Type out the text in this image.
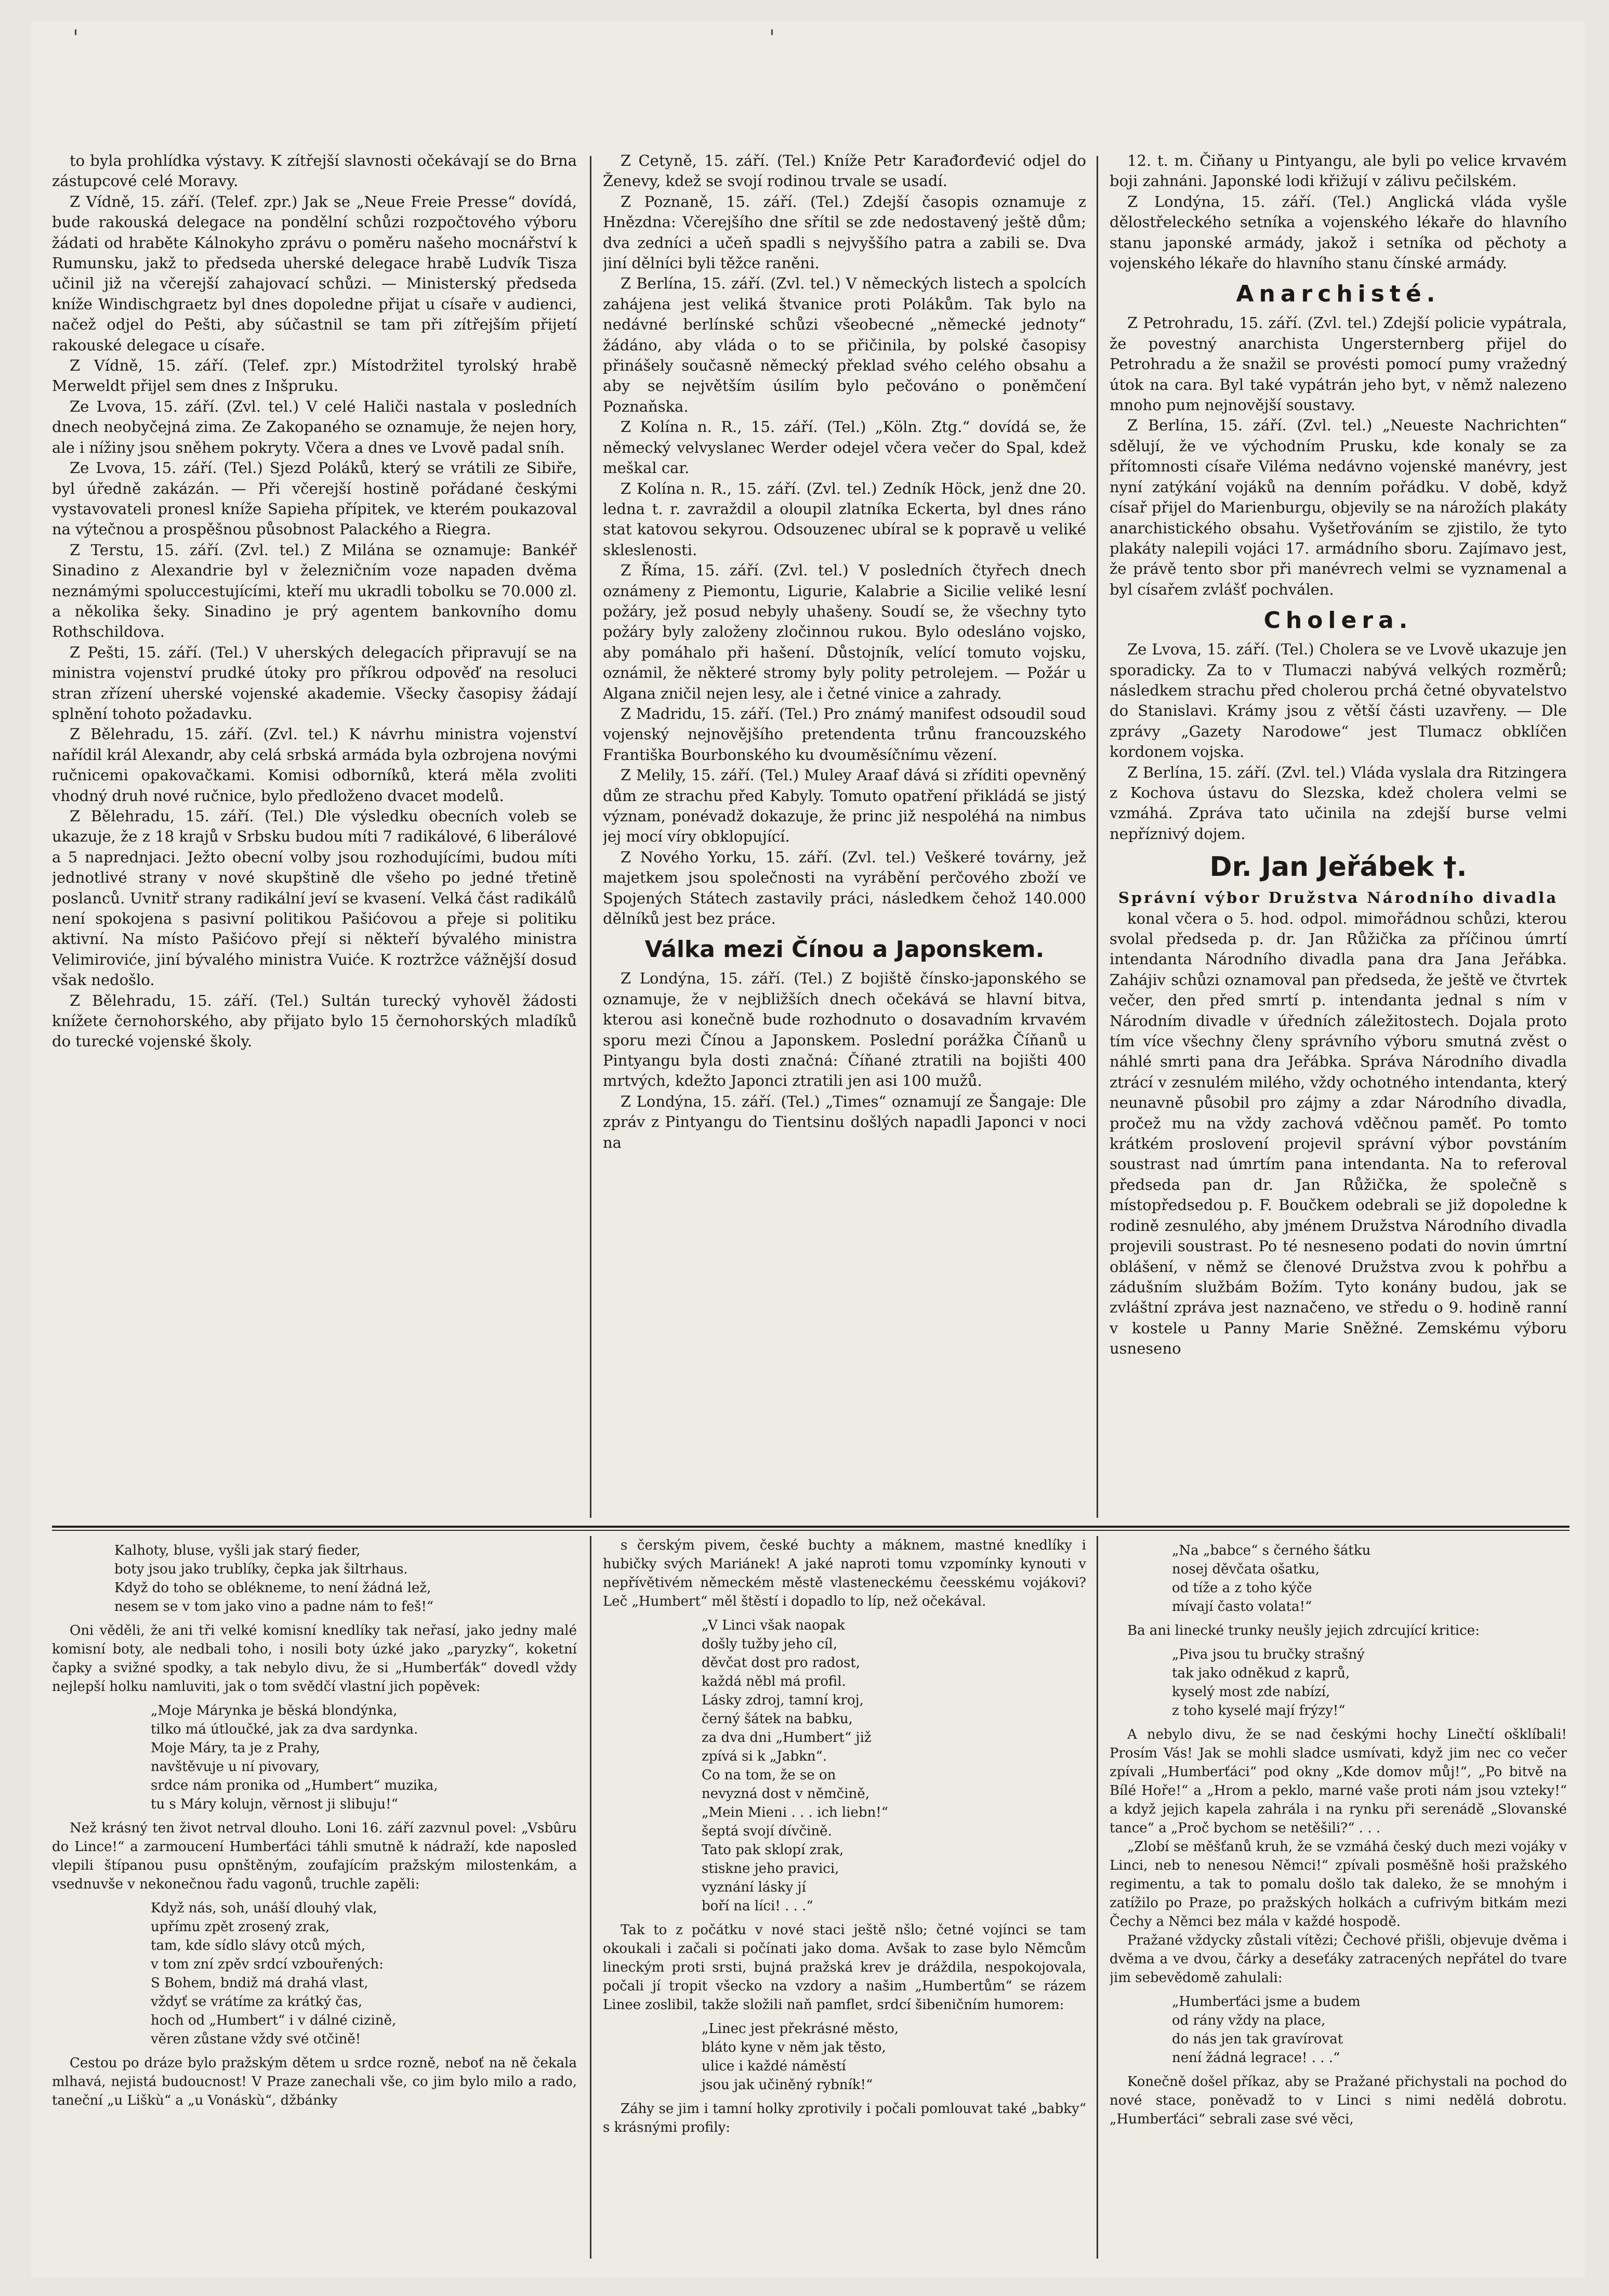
'	'

to byla prohlídka výstavy. K zítřejší slavnosti očekávají se do Brna zástupcové celé Moravy.

Z Vídně, 15. září. (Telef. zpr.) Jak se „Neue Freie Presse“ dovídá, bude rakouská delegace na pondělní schůzi rozpočtového výboru žádati od hraběte Kálnokyho zprávu o poměru našeho mocnářství k Rumunsku, jakž to předseda uherské delegace hrabě Ludvík Tisza učinil již na včerejší zahajovací schůzi. — Ministerský předseda kníže Windischgraetz byl dnes dopoledne přijat u císaře v audienci, načež odjel do Pešti, aby súčastnil se tam při zítřejším přijetí rakouské delegace u císaře.

Z Vídně, 15. září. (Telef. zpr.) Místodržitel tyrolský hrabě Merweldt přijel sem dnes z Inšpruku.

Ze Lvova, 15. září. (Zvl. tel.) V celé Haliči nastala v posledních dnech neobyčejná zima. Ze Zakopaného se oznamuje, že nejen hory, ale i nížiny jsou sněhem pokryty. Včera a dnes ve Lvově padal sníh.

Ze Lvova, 15. září. (Tel.) Sjezd Poláků, který se vrátili ze Sibiře, byl úředně zakázán. — Při včerejší hostině pořádané českými vystavovateli pronesl kníže Sapieha přípitek, ve kterém poukazoval na výtečnou a prospěšnou působnost Palackého a Riegra.

Z Terstu, 15. září. (Zvl. tel.) Z Milána se oznamuje: Bankéř Sinadino z Alexandrie byl v železničním voze napaden dvěma neznámými spoluccestujícími, kteří mu ukradli tobolku se 70.000 zl. a několika šeky. Sinadino je prý agentem bankovního domu Rothschildova.

Z Pešti, 15. září. (Tel.) V uherských delegacích připravují se na ministra vojenství prudké útoky pro příkrou odpověď na resoluci stran zřízení uherské vojenské akademie. Všecky časopisy žádají splnění tohoto požadavku.

Z Bělehradu, 15. září. (Zvl. tel.) K návrhu ministra vojenství nařídil král Alexandr, aby celá srbská armáda byla ozbrojena novými ručnicemi opakovačkami. Komisi odborníků, která měla zvoliti vhodný druh nové ručnice, bylo předloženo dvacet modelů.

Z Bělehradu, 15. září. (Tel.) Dle výsledku obecních voleb se ukazuje, že z 18 krajů v Srbsku budou míti 7 radikálové, 6 liberálové a 5 naprednjaci. Ježto obecní volby jsou rozhodujícími, budou míti jednotlivé strany v nové skupštině dle všeho po jedné třetině poslanců. Uvnitř strany radikální jeví se kvasení. Velká část radikálů není spokojena s pasivní politikou Pašićovou a přeje si politiku aktivní. Na místo Pašićovo přejí si někteří bývalého ministra Velimiroviće, jiní bývalého ministra Vuiće. K roztržce vážnější dosud však nedošlo.

Z Bělehradu, 15. září. (Tel.) Sultán turecký vyhověl žádosti knížete černohorského, aby přijato bylo 15 černohorských mladíků do turecké vojenské školy.

Z Cetyně, 15. září. (Tel.) Kníže Petr Karađorđević odjel do Ženevy, kdež se svojí rodinou trvale se usadí.

Z Poznaně, 15. září. (Tel.) Zdejší časopis oznamuje z Hnězdna: Včerejšího dne sřítil se zde nedostavený ještě dům; dva zedníci a učeň spadli s nejvyššího patra a zabili se. Dva jiní dělníci byli těžce raněni.

Z Berlína, 15. září. (Zvl. tel.) V německých listech a spolcích zahájena jest veliká štvanice proti Polákům. Tak bylo na nedávné berlínské schůzi všeobecné „německé jednoty“ žádáno, aby vláda o to se přičinila, by polské časopisy přinášely současně německý překlad svého celého obsahu a aby se největším úsilím bylo pečováno o poněmčení Poznaňska.

Z Kolína n. R., 15. září. (Tel.) „Köln. Ztg.“ dovídá se, že německý velvyslanec Werder odejel včera večer do Spal, kdež meškal car.

Z Kolína n. R., 15. září. (Zvl. tel.) Zedník Höck, jenž dne 20. ledna t. r. zavraždil a oloupil zlatníka Eckerta, byl dnes ráno stat katovou sekyrou. Odsouzenec ubíral se k popravě u veliké skleslenosti.

Z Říma, 15. září. (Zvl. tel.) V posledních čtyřech dnech oznámeny z Piemontu, Ligurie, Kalabrie a Sicilie veliké lesní požáry, jež posud nebyly uhašeny. Soudí se, že všechny tyto požáry byly založeny zločinnou rukou. Bylo odesláno vojsko, aby pomáhalo při hašení. Důstojník, velící tomuto vojsku, oznámil, že některé stromy byly polity petrolejem. — Požár u Algana zničil nejen lesy, ale i četné vinice a zahrady.

Z Madridu, 15. září. (Tel.) Pro známý manifest odsoudil soud vojenský nejnovějšího pretendenta trůnu francouzského Františka Bourbonského ku dvouměsíčnímu vězení.

Z Melily, 15. září. (Tel.) Muley Araaf dává si zříditi opevněný dům ze strachu před Kabyly. Tomuto opatření přikládá se jistý význam, ponévadž dokazuje, že princ již nespoléhá na nimbus jej mocí víry obklopující.

Z Nového Yorku, 15. září. (Zvl. tel.) Veškeré továrny, jež majetkem jsou společnosti na vyrábění perčového zboží ve Spojených Státech zastavily práci, následkem čehož 140.000 dělníků jest bez práce.

Válka mezi Čínou a Japonskem.

Z Londýna, 15. září. (Tel.) Z bojiště čínsko-japonského se oznamuje, že v nejbližších dnech očekává se hlavní bitva, kterou asi konečně bude rozhodnuto o dosavadním krvavém sporu mezi Čínou a Japonskem. Poslední porážka Číňanů u Pintyangu byla dosti značná: Číňané ztratili na bojišti 400 mrtvých, kdežto Japonci ztratili jen asi 100 mužů.

Z Londýna, 15. září. (Tel.) „Times“ oznamují ze Šangaje: Dle zpráv z Pintyangu do Tientsinu došlých napadli Japonci v noci na

12. t. m. Čiňany u Pintyangu, ale byli po velice krvavém boji zahnáni. Japonské lodi křižují v zálivu pečilském.

Z Londýna, 15. září. (Tel.) Anglická vláda vyšle dělostřeleckého setníka a vojenského lékaře do hlavního stanu japonské armády, jakož i setníka od pěchoty a vojenského lékaře do hlavního stanu čínské armády.

Anarchisté.

Z Petrohradu, 15. září. (Zvl. tel.) Zdejší policie vypátrala, že povestný anarchista Ungersternberg přijel do Petrohradu a že snažil se provésti pomocí pumy vražedný útok na cara. Byl také vypátrán jeho byt, v němž nalezeno mnoho pum nejnovější soustavy.

Z Berlína, 15. září. (Zvl. tel.) „Neueste Nachrichten“ sdělují, že ve východním Prusku, kde konaly se za přítomnosti císaře Viléma nedávno vojenské manévry, jest nyní zatýkání vojáků na denním pořádku. V době, když císař přijel do Marienburgu, objevily se na nárožích plakáty anarchistického obsahu. Vyšetřováním se zjistilo, že tyto plakáty nalepili vojáci 17. armádního sboru. Zajímavo jest, že právě tento sbor při manévrech velmi se vyznamenal a byl císařem zvlášť pochválen.

Cholera.

Ze Lvova, 15. září. (Tel.) Cholera se ve Lvově ukazuje jen sporadicky. Za to v Tlumaczi nabývá velkých rozměrů; následkem strachu před cholerou prchá četné obyvatelstvo do Stanislavi. Krámy jsou z větší části uzavřeny. — Dle zprávy „Gazety Narodowe“ jest Tlumacz obklíčen kordonem vojska.

Z Berlína, 15. září. (Zvl. tel.) Vláda vyslala dra Ritzingera z Kochova ústavu do Slezska, kdež cholera velmi se vzmáhá. Zpráva tato učinila na zdejší burse velmi nepříznivý dojem.

Dr. Jan Jeřábek †.

Správní výbor Družstva Národního divadla

konal včera o 5. hod. odpol. mimořádnou schůzi, kterou svolal předseda p. dr. Jan Růžička za příčinou úmrtí intendanta Národního divadla pana dra Jana Jeřábka. Zahájiv schůzi oznamoval pan předseda, že ještě ve čtvrtek večer, den před smrtí p. intendanta jednal s ním v Národním divadle v úředních záležitostech. Dojala proto tím více všechny členy správního výboru smutná zvěst o náhlé smrti pana dra Jeřábka. Správa Národního divadla ztrácí v zesnulém milého, vždy ochotného intendanta, který neunavně působil pro zájmy a zdar Národního divadla, pročež mu na vždy zachová vděčnou paměť. Po tomto krátkém proslovení projevil správní výbor povstáním soustrast nad úmrtím pana intendanta. Na to referoval předseda pan dr. Jan Růžička, že společně s místopředsedou p. F. Boučkem odebrali se již dopoledne k rodině zesnulého, aby jménem Družstva Národního divadla projevili soustrast. Po té nesneseno podati do novin úmrtní oblášení, v němž se členové Družstva zvou k pohřbu a zádušním službám Božím. Tyto konány budou, jak se zvláštní zpráva jest naznačeno, ve středu o 9. hodině ranní v kostele u Panny Marie Sněžné. Zemskému výboru usneseno

Kalhoty, bluse, vyšli jak starý fieder,
boty jsou jako trublíky, čepka jak šiltrhaus.
Když do toho se oblékneme, to není žádná lež,
nesem se v tom jako vino a padne nám to feš!“

Oni věděli, že ani tři velké komisní knedlíky tak neřasí, jako jedny malé komisní boty, ale nedbali toho, i nosili boty úzké jako „paryzky“, koketní čapky a svižné spodky, a tak nebylo divu, že si „Humberťák“ dovedl vždy nejlepší holku namluviti, jak o tom svědčí vlastní jich popěvek:

„Moje Márynka je běská blondýnka,
tilko má útloučké, jak za dva sardynka.
Moje Máry, ta je z Prahy,
navštěvuje u ní pivovary,
srdce nám pronika od „Humbert“ muzika,
tu s Máry kolujn, věrnost ji slibuju!“

Než krásný ten život netrval dlouho. Loni 16. září zazvnul povel: „Vsbûru do Lince!“ a zarmoucení Humberťáci táhli smutně k nádraží, kde naposled vlepili štípanou pusu opnštěným, zoufajícím pražským milostenkám, a vsednuvše v nekonečnou řadu vagonů, truchle zapěli:

Když nás, soh, unáší dlouhý vlak,
upřímu zpět zrosený zrak,
tam, kde sídlo slávy otců mých,
v tom zní zpěv srdcí vzbouřených:
S Bohem, bndiž má drahá vlast,
vždyť se vrátíme za krátký čas,
hoch od „Humbert“ i v dálné cizině,
věren zůstane vždy své otčině!

Cestou po dráze bylo pražským dětem u srdce rozně, neboť na ně čekala mlhavá, nejistá budoucnost! V Praze zanechali vše, co jim bylo milo a rado, taneční „u Liškù“ a „u Vonáskù“, džbánky

s čerským pivem, české buchty a máknem, mastné knedlíky i hubičky svých Mariánek! A jaké naproti tomu vzpomínky kynouti v nepřívětivém německém městě vlasteneckému čeesskému vojákovi? Leč „Humbert“ měl štěstí i dopadlo to líp, než očekával.

„V Linci však naopak
došly tužby jeho cíl,
děvčat dost pro radost,
každá něbl má profil.
Lásky zdroj, tamní kroj,
černý šátek na babku,
za dva dni „Humbert“ již
zpívá si k „Jabkn“.
Co na tom, že se on
nevyzná dost v němčině,
„Mein Mieni . . . ich liebn!“
šeptá svojí dívčině.
Tato pak sklopí zrak,
stiskne jeho pravici,
vyznání lásky jí
boří na líci! . . .“

Tak to z počátku v nové staci ještě nšlo; četné vojínci se tam okoukali i začali si počínati jako doma. Avšak to zase bylo Němcům lineckým proti srsti, bujná pražská krev je dráždila, nespokojovala, počali jí tropit všecko na vzdory a našim „Humbertům“ se rázem Linee zoslibil, takže složili naň pamflet, srdcí šibeničním humorem:

„Linec jest překrásné město,
bláto kyne v něm jak těsto,
ulice i každé náměstí
jsou jak učiněný rybník!“

Záhy se jim i tamní holky zprotivily i počali pomlouvat také „babky“ s krásnými profily:

„Na „babce“ s černého šátku
nosej děvčata ošatku,
od tíže a z toho kýče
mívají často volata!“

Ba ani linecké trunky neušly jejich zdrcující kritice:

„Piva jsou tu bručky strašný
tak jako odněkud z kaprů,
kyselý most zde nabízí,
z toho kyselé mají frýzy!“

A nebylo divu, že se nad českými hochy Linečtí ošklíbali! Prosím Vás! Jak se mohli sladce usmívati, když jim nec co večer zpívali „Humberťáci“ pod okny „Kde domov můj!“, „Po bitvě na Bílé Hoře!“ a „Hrom a peklo, marné vaše proti nám jsou vzteky!“ a když jejich kapela zahrála i na rynku při serenádě „Slovanské tance“ a „Proč bychom se netěšili?“ . . .

„Zlobí se měšťanů kruh, že se vzmáhá český duch mezi vojáky v Linci, neb to nenesou Němci!“ zpívali posměšně hoši pražského regimentu, a tak to pomalu došlo tak daleko, že se mnohým i zatížilo po Praze, po pražských holkách a cufrivým bitkám mezi Čechy a Němci bez mála v každé hospodě.

Pražané vždycky zůstali vítězi; Čechové přišli, objevuje dvěma i dvěma a ve dvou, čárky a deseťáky zatracených nepřátel do tvare jim sebevědomě zahulali:

„Humberťáci jsme a budem
od rány vždy na place,
do nás jen tak gravírovat
není žádná legrace! . . .“

Konečně došel příkaz, aby se Pražané přichystali na pochod do nové stace, poněvadž to v Linci s nimi nedělá dobrotu. „Humberťáci“ sebrali zase své věci,
